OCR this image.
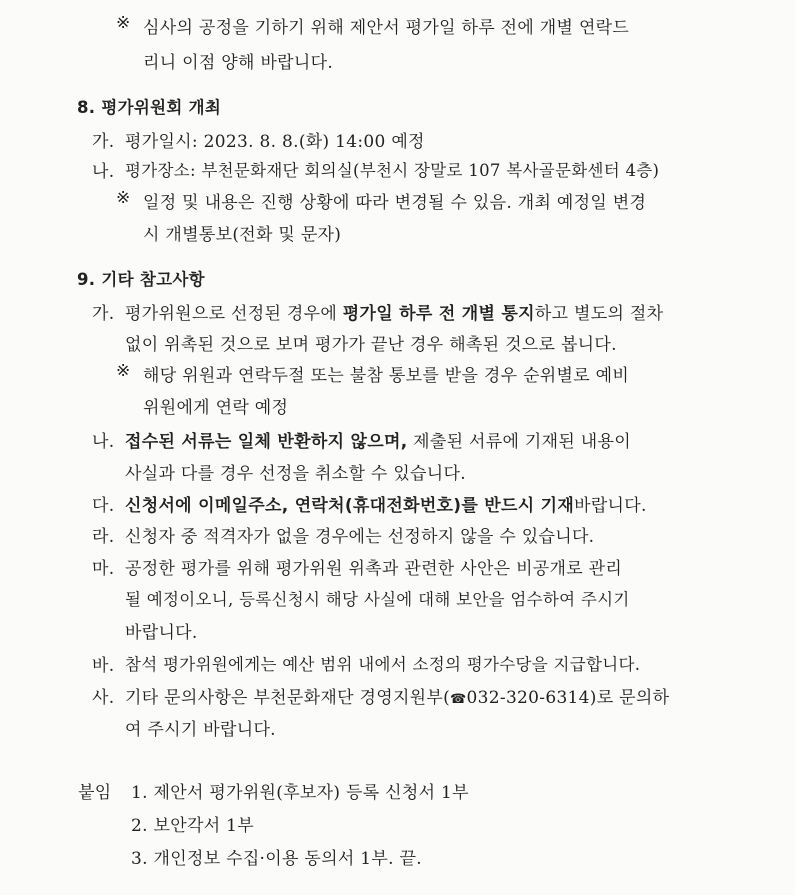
※ 심사의 공정을 기하기 위해 제안서 평가일 하루 전에 개별 연락드
리니 이점 양해 바랍니다.
8. 평가위원회 개최
가. 평가일시: 2023. 8. 8.(화) 14:00 예정
나. 평가장소: 부천문화재단 회의실(부천시 장말로 107 복사골문화센터 4층)
※ 일정 및 내용은 진행 상황에 따라 변경될 수 있음. 개최 예정일 변경
시 개별통보(전화 및 문자)
9. 기타 참고사항
가. 평가위원으로 선정된 경우에 평가일 하루 전 개별 통지하고 별도의 절차
없이 위촉된 것으로 보며 평가가 끝난 경우 해촉된 것으로 봅니다.
※ 해당 위원과 연락두절 또는 불참 통보를 받을 경우 순위별로 예비
위원에게 연락 예정
나. 접수된 서류는 일체 반환하지 않으며, 제출된 서류에 기재된 내용이
사실과 다를 경우 선정을 취소할 수 있습니다.
다. 신청서에 이메일주소, 연락처(휴대전화번호)를 반드시 기재바랍니다.
라. 신청자 중 적격자가 없을 경우에는 선정하지 않을 수 있습니다.
마. 공정한 평가를 위해 평가위원 위촉과 관련한 사안은 비공개로 관리
될 예정이오니, 등록신청시 해당 사실에 대해 보안을 엄수하여 주시기
바랍니다.
바. 참석 평가위원에게는 예산 범위 내에서 소정의 평가수당을 지급합니다.
사. 기타 문의사항은 부천문화재단 경영지원부(☎032-320-6314)로 문의하
여 주시기 바랍니다.
붙임 1. 제안서 평가위원(후보자) 등록 신청서 1부
2. 보안각서 1부
3. 개인정보 수집·이용 동의서 1부. 끝.
